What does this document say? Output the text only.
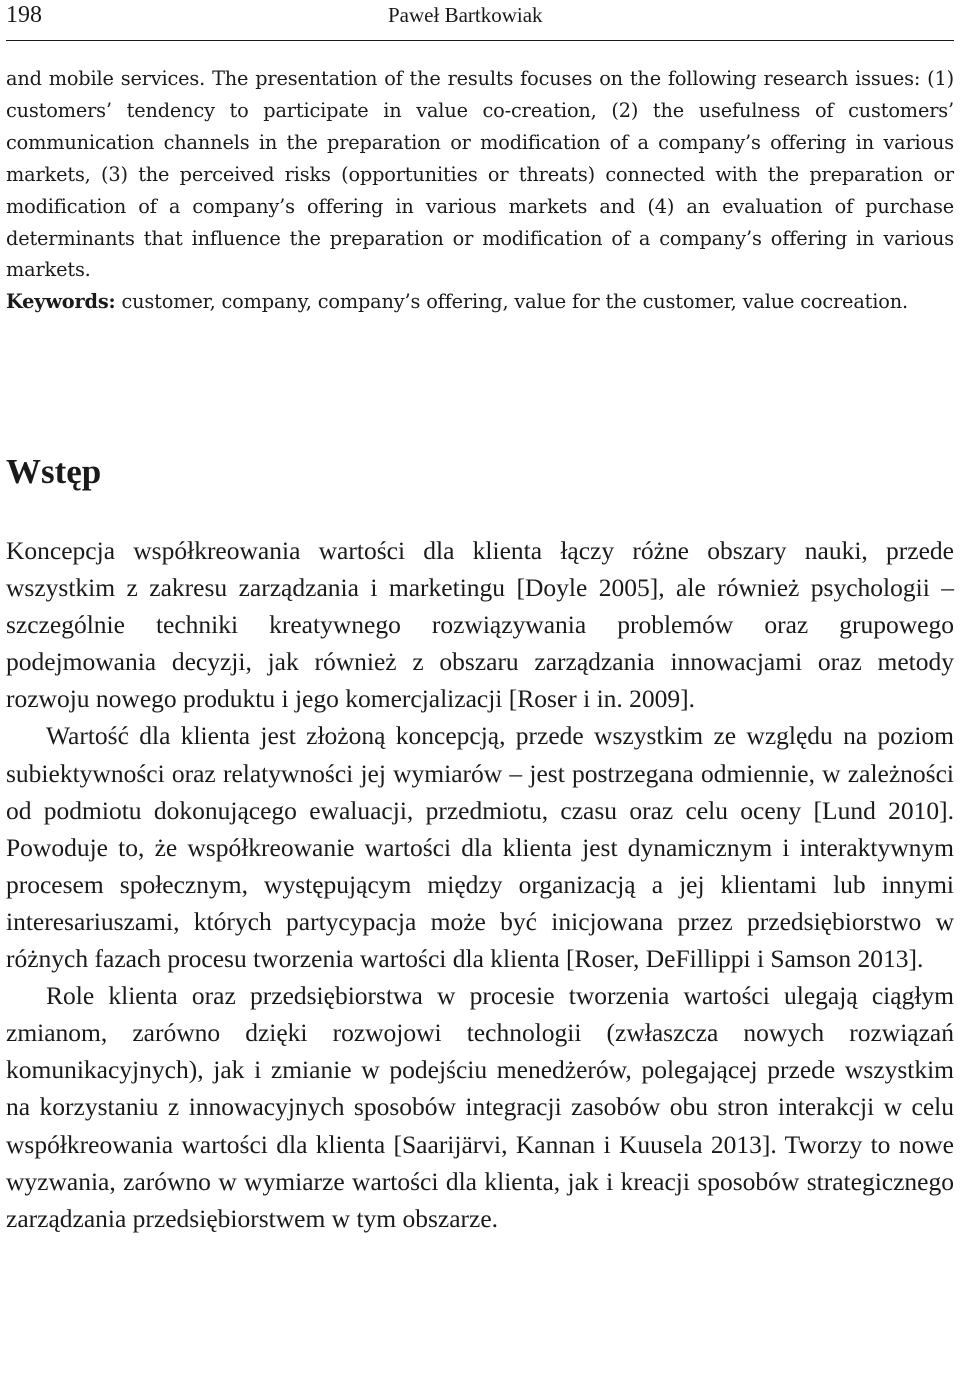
198	Paweł Bartkowiak

and mobile services. The presentation of the results focuses on the following research issues: (1) customers’ tendency to participate in value co-creation, (2) the usefulness of customers’ communication channels in the preparation or modification of a company’s offering in various markets, (3) the perceived risks (opportunities or threats) connected with the preparation or modification of a company’s offering in various markets and (4) an evaluation of purchase determinants that influence the preparation or modification of a company’s offering in various markets.

Keywords: customer, company, company’s offering, value for the customer, value cocreation.

Wstęp

Koncepcja współkreowania wartości dla klienta łączy różne obszary nauki, przede wszystkim z zakresu zarządzania i marketingu [Doyle 2005], ale również psychologii – szczególnie techniki kreatywnego rozwiązywania problemów oraz grupowego podejmowania decyzji, jak również z obszaru zarządzania innowacjami oraz metody rozwoju nowego produktu i jego komercjalizacji [Roser i in. 2009].

Wartość dla klienta jest złożoną koncepcją, przede wszystkim ze względu na poziom subiektywności oraz relatywności jej wymiarów – jest postrzegana odmiennie, w zależności od podmiotu dokonującego ewaluacji, przedmiotu, czasu oraz celu oceny [Lund 2010]. Powoduje to, że współkreowanie wartości dla klienta jest dynamicznym i interaktywnym procesem społecznym, występującym między organizacją a jej klientami lub innymi interesariuszami, których partycypacja może być inicjowana przez przedsiębiorstwo w różnych fazach procesu tworzenia wartości dla klienta [Roser, DeFillippi i Samson 2013].

Role klienta oraz przedsiębiorstwa w procesie tworzenia wartości ulegają ciągłym zmianom, zarówno dzięki rozwojowi technologii (zwłaszcza nowych rozwiązań komunikacyjnych), jak i zmianie w podejściu menedżerów, polegającej przede wszystkim na korzystaniu z innowacyjnych sposobów integracji zasobów obu stron interakcji w celu współkreowania wartości dla klienta [Saarijärvi, Kannan i Kuusela 2013]. Tworzy to nowe wyzwania, zarówno w wymiarze wartości dla klienta, jak i kreacji sposobów strategicznego zarządzania przedsiębiorstwem w tym obszarze.
